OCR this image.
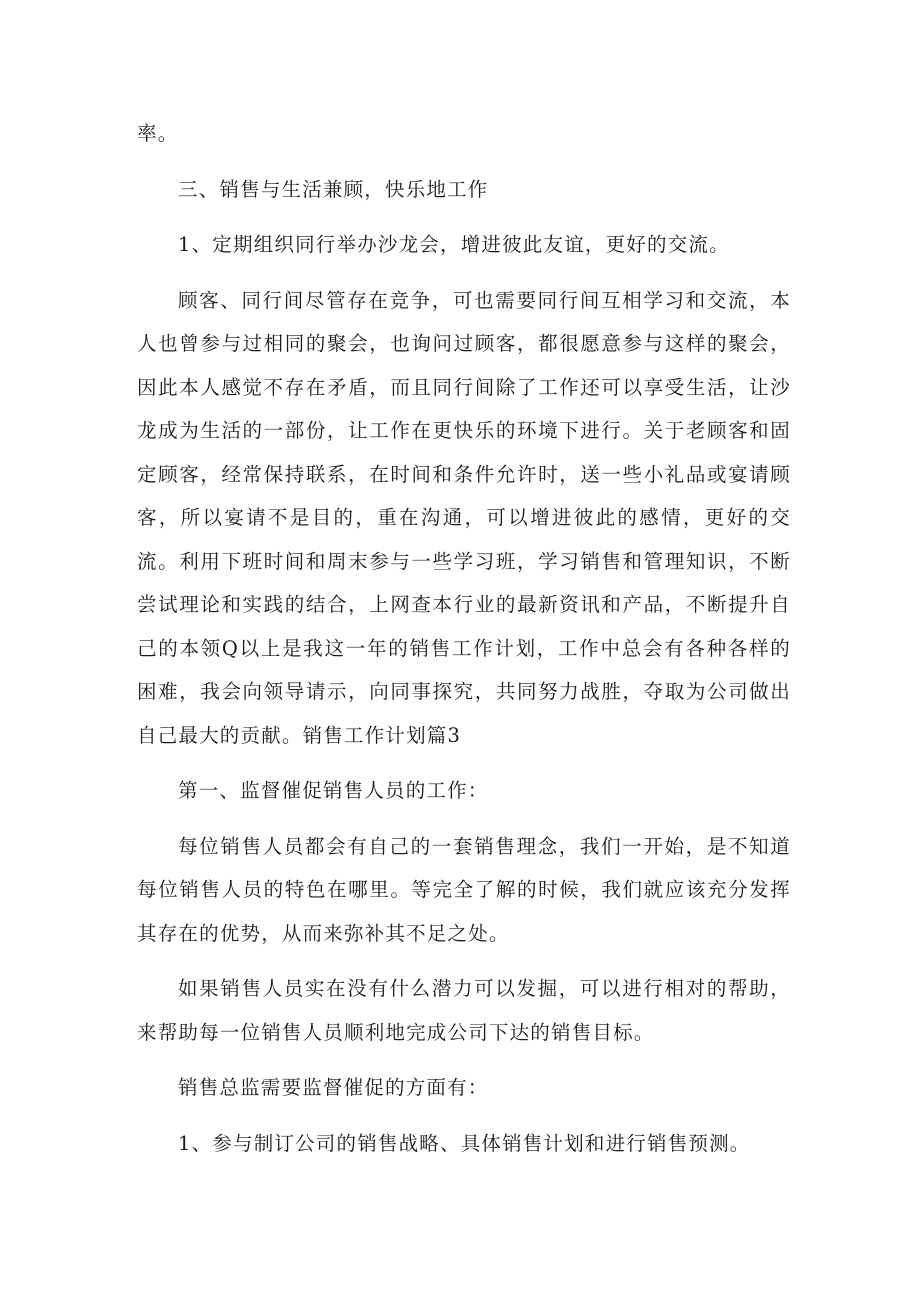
率。

三、销售与生活兼顾，快乐地工作

1、定期组织同行举办沙龙会，增进彼此友谊，更好的交流。

顾客、同行间尽管存在竞争，可也需要同行间互相学习和交流，本人也曾参与过相同的聚会，也询问过顾客，都很愿意参与这样的聚会，因此本人感觉不存在矛盾，而且同行间除了工作还可以享受生活，让沙龙成为生活的一部份，让工作在更快乐的环境下进行。关于老顾客和固定顾客，经常保持联系，在时间和条件允许时，送一些小礼品或宴请顾客，所以宴请不是目的，重在沟通，可以增进彼此的感情，更好的交流。利用下班时间和周末参与一些学习班，学习销售和管理知识，不断尝试理论和实践的结合，上网查本行业的最新资讯和产品，不断提升自己的本领Q以上是我这一年的销售工作计划，工作中总会有各种各样的困难，我会向领导请示，向同事探究，共同努力战胜，夺取为公司做出自己最大的贡献。销售工作计划篇3

第一、监督催促销售人员的工作：

每位销售人员都会有自己的一套销售理念，我们一开始，是不知道每位销售人员的特色在哪里。等完全了解的时候，我们就应该充分发挥其存在的优势，从而来弥补其不足之处。

如果销售人员实在没有什么潜力可以发掘，可以进行相对的帮助，来帮助每一位销售人员顺利地完成公司下达的销售目标。

销售总监需要监督催促的方面有：

1、参与制订公司的销售战略、具体销售计划和进行销售预测。
